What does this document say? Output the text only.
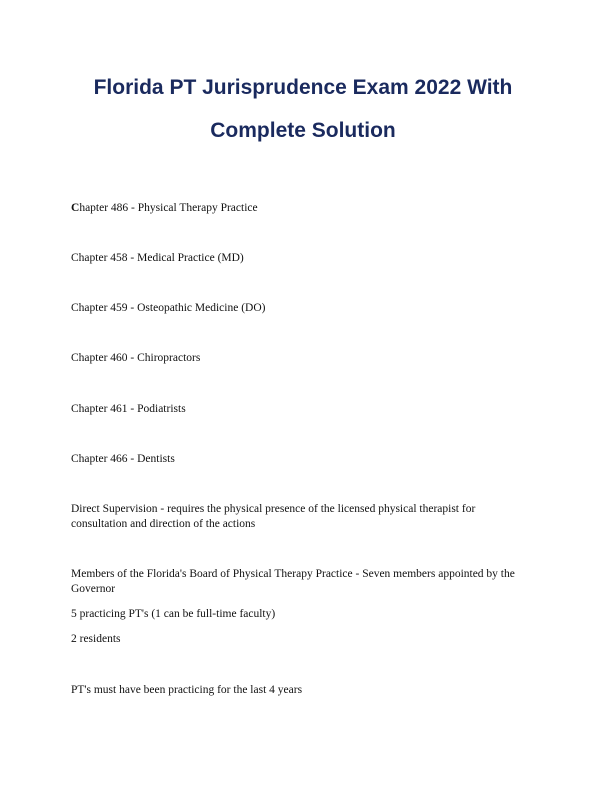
Florida PT Jurisprudence Exam 2022 With
Complete Solution

Chapter 486 - Physical Therapy Practice

Chapter 458 - Medical Practice (MD)

Chapter 459 - Osteopathic Medicine (DO)

Chapter 460 - Chiropractors

Chapter 461 - Podiatrists

Chapter 466 - Dentists

Direct Supervision - requires the physical presence of the licensed physical therapist for

consultation and direction of the actions

Members of the Florida's Board of Physical Therapy Practice - Seven members appointed by the

Governor

5 practicing PT's (1 can be full-time faculty)

2 residents

PT's must have been practicing for the last 4 years
